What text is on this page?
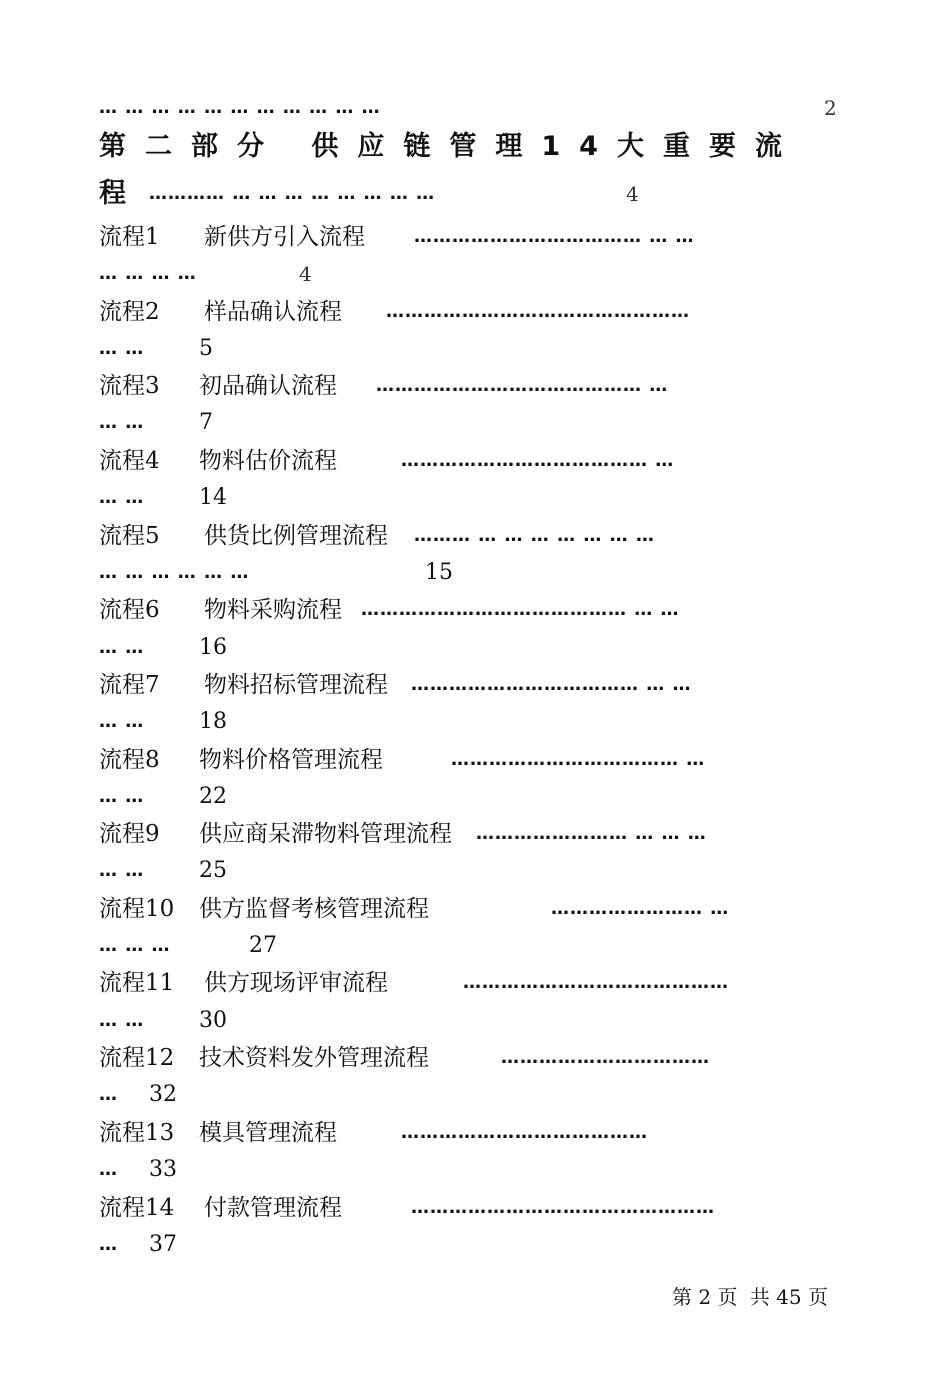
… … … … … … … … … … …	2
第二部分 供应链管理14大重要流
程 ………… … … … … … … … …	4
流程1 新供方引入流程	……………………………… … …
… … … …	4
流程2 样品确认流程 …………………………………………
… … 5
流程3 初品确认流程 …………………………………… …
… … 7
流程4 物料估价流程	………………………………… …
… … 14
流程5 供货比例管理流程 ……… … … … … … … …
… … … … … …	15
流程6 物料采购流程 …………………………………… … …
… … 16
流程7 物料招标管理流程 ……………………………… … …
… … 18
流程8 物料价格管理流程	……………………………… …
… … 22
流程9 供应商呆滞物料管理流程 …………………… … … …
… … 25
流程10 供方监督考核管理流程	…………………… …
… … …	27
流程11 供方现场评审流程	……………………………………
… … 30
流程12 技术资料发外管理流程	……………………………
… 32
流程13 模具管理流程	…………………………………
… 33
流程14 付款管理流程	…………………………………………
… 37
第 2 页 共 45 页
